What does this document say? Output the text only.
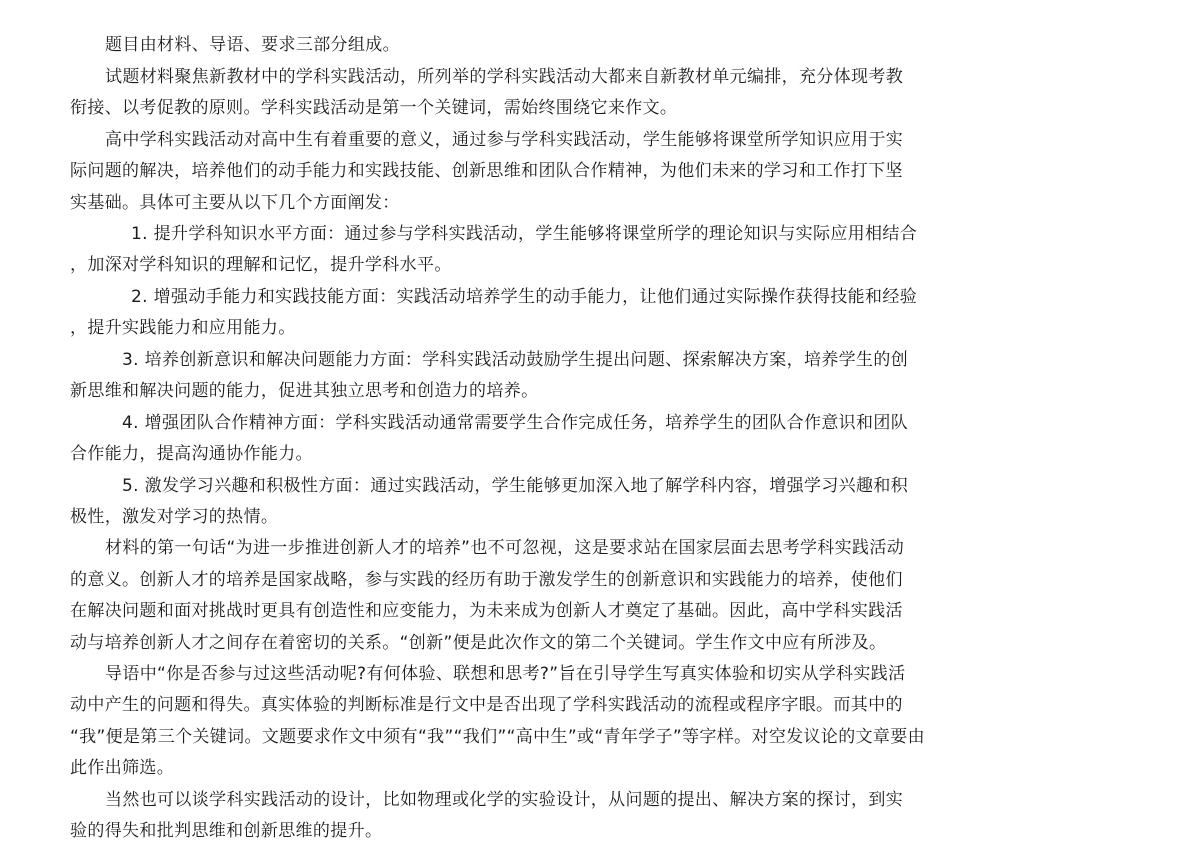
题目由材料、导语、要求三部分组成。
试题材料聚焦新教材中的学科实践活动，所列举的学科实践活动大都来自新教材单元编排，充分体现考教
衔接、以考促教的原则。学科实践活动是第一个关键词，需始终围绕它来作文。
高中学科实践活动对高中生有着重要的意义，通过参与学科实践活动，学生能够将课堂所学知识应用于实
际问题的解决，培养他们的动手能力和实践技能、创新思维和团队合作精神，为他们未来的学习和工作打下坚
实基础。具体可主要从以下几个方面阐发：
1. 提升学科知识水平方面：通过参与学科实践活动，学生能够将课堂所学的理论知识与实际应用相结合
，加深对学科知识的理解和记忆，提升学科水平。
2. 增强动手能力和实践技能方面：实践活动培养学生的动手能力，让他们通过实际操作获得技能和经验
，提升实践能力和应用能力。
3. 培养创新意识和解决问题能力方面：学科实践活动鼓励学生提出问题、探索解决方案，培养学生的创
新思维和解决问题的能力，促进其独立思考和创造力的培养。
4. 增强团队合作精神方面：学科实践活动通常需要学生合作完成任务，培养学生的团队合作意识和团队
合作能力，提高沟通协作能力。
5. 激发学习兴趣和积极性方面：通过实践活动，学生能够更加深入地了解学科内容，增强学习兴趣和积
极性，激发对学习的热情。
材料的第一句话“为进一步推进创新人才的培养”也不可忽视，这是要求站在国家层面去思考学科实践活动
的意义。创新人才的培养是国家战略，参与实践的经历有助于激发学生的创新意识和实践能力的培养，使他们
在解决问题和面对挑战时更具有创造性和应变能力，为未来成为创新人才奠定了基础。因此，高中学科实践活
动与培养创新人才之间存在着密切的关系。“创新”便是此次作文的第二个关键词。学生作文中应有所涉及。
导语中“你是否参与过这些活动呢?有何体验、联想和思考?”旨在引导学生写真实体验和切实从学科实践活
动中产生的问题和得失。真实体验的判断标准是行文中是否出现了学科实践活动的流程或程序字眼。而其中的
“我”便是第三个关键词。文题要求作文中须有“我”“我们”“高中生”或“青年学子”等字样。对空发议论的文章要由
此作出筛选。
当然也可以谈学科实践活动的设计，比如物理或化学的实验设计，从问题的提出、解决方案的探讨，到实
验的得失和批判思维和创新思维的提升。
